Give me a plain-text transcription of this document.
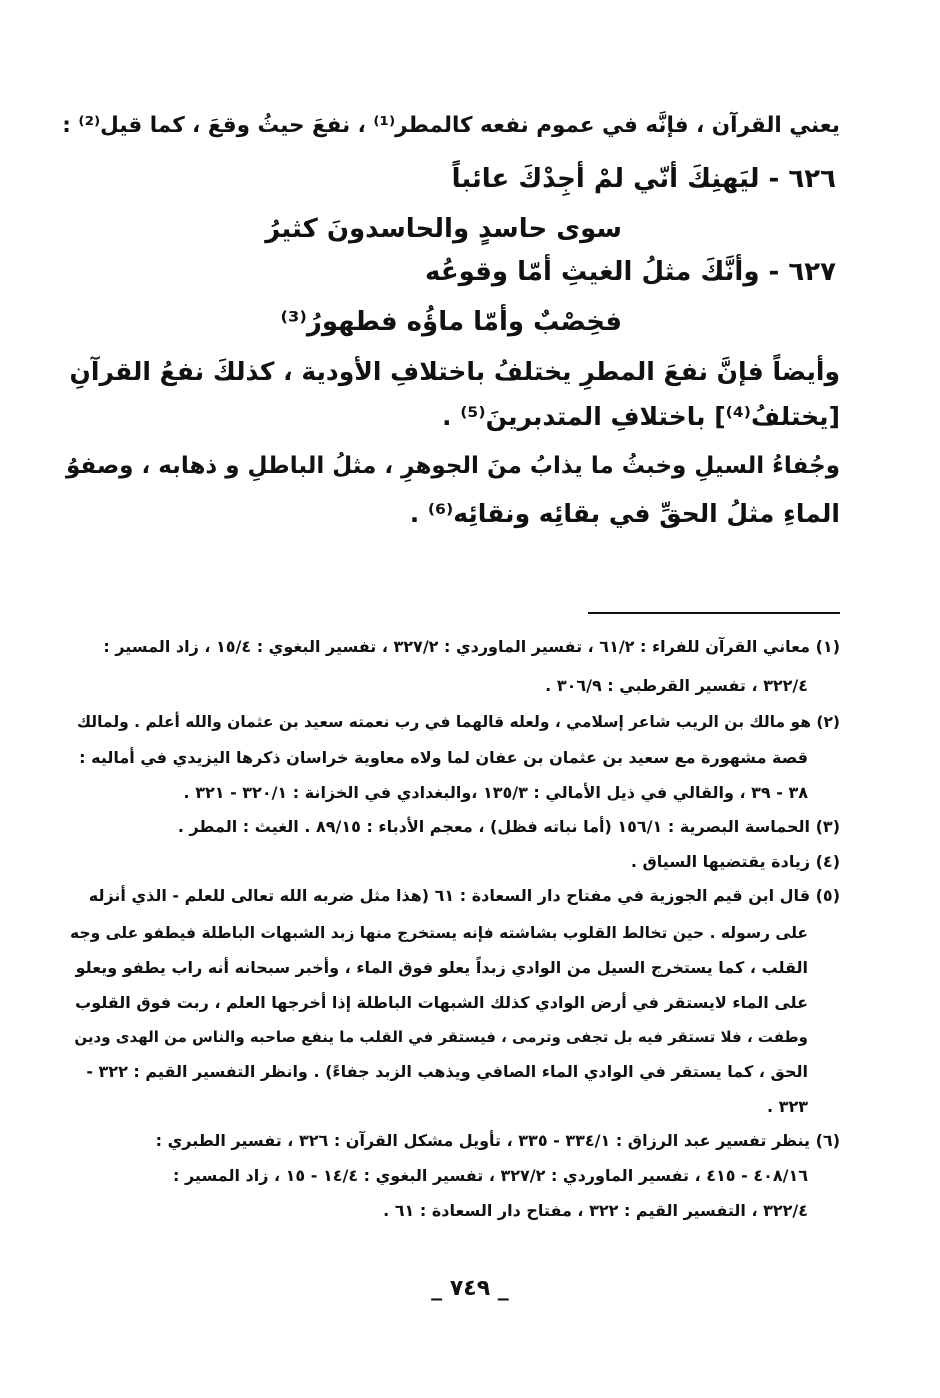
يعني القرآن ، فإنَّه في عموم نفعه كالمطر⁽¹⁾ ، نفعَ حيثُ وقعَ ، كما قيل⁽²⁾ :
٦٢٦ - ليَهنِكَ أنّي لمْ أجِدْكَ عائباً
سوى حاسدٍ والحاسدونَ كثيرُ
٦٢٧ - وأنَّكَ مثلُ الغيثِ أمّا وقوعُه
فخِصْبٌ وأمّا ماؤُه فطهورُ⁽³⁾
وأيضاً فإنَّ نفعَ المطرِ يختلفُ باختلافِ الأودية ، كذلكَ نفعُ القرآنِ
[يختلفُ⁽⁴⁾] باختلافِ المتدبرينَ⁽⁵⁾ .
وجُفاءُ السيلِ وخبثُ ما يذابُ منَ الجوهرِ ، مثلُ الباطلِ و ذهابه ، وصفوُ
الماءِ مثلُ الحقِّ في بقائِه ونقائِه⁽⁶⁾ .
(١) معاني القرآن للفراء : ٦١/٢ ، تفسير الماوردي : ٣٢٧/٢ ، تفسير البغوي : ١٥/٤ ، زاد المسير :
٣٢٢/٤ ، تفسير القرطبي : ٣٠٦/٩ .
(٢) هو مالك بن الريب شاعر إسلامي ، ولعله قالهما في رب نعمته سعيد بن عثمان والله أعلم . ولمالك
قصة مشهورة مع سعيد بن عثمان بن عفان لما ولاه معاوية خراسان ذكرها اليزيدي في أماليه :
٣٨ - ٣٩ ، والقالي في ذيل الأمالي : ١٣٥/٣ ،والبغدادي في الخزانة : ٣٢٠/١ - ٣٢١ .
(٣) الحماسة البصرية : ١٥٦/١ (أما نباته فظل) ، معجم الأدباء : ٨٩/١٥ . الغيث : المطر .
(٤) زيادة يقتضيها السياق .
(٥) قال ابن قيم الجوزية في مفتاح دار السعادة : ٦١ (هذا مثل ضربه الله تعالى للعلم - الذي أنزله
على رسوله . حين تخالط القلوب بشاشته فإنه يستخرج منها زبد الشبهات الباطلة فيطفو على وجه
القلب ، كما يستخرج السيل من الوادي زبداً يعلو فوق الماء ، وأخبر سبحانه أنه راب يطفو ويعلو
على الماء لايستقر في أرض الوادي كذلك الشبهات الباطلة إذا أخرجها العلم ، ربت فوق القلوب
وطفت ، فلا تستقر فيه بل تجفى وترمى ، فيستقر في القلب ما ينفع صاحبه والناس من الهدى ودين
الحق ، كما يستقر في الوادي الماء الصافي ويذهب الزبد جفاءً) . وانظر التفسير القيم : ٣٢٢ -
٣٢٣ .
(٦) ينظر تفسير عبد الرزاق : ٣٣٤/١ - ٣٣٥ ، تأويل مشكل القرآن : ٣٢٦ ، تفسير الطبري :
٤٠٨/١٦ - ٤١٥ ، تفسير الماوردي : ٣٢٧/٢ ، تفسير البغوي : ١٤/٤ - ١٥ ، زاد المسير :
٣٢٢/٤ ، التفسير القيم : ٣٢٢ ، مفتاح دار السعادة : ٦١ .
_ ٧٤٩ _
